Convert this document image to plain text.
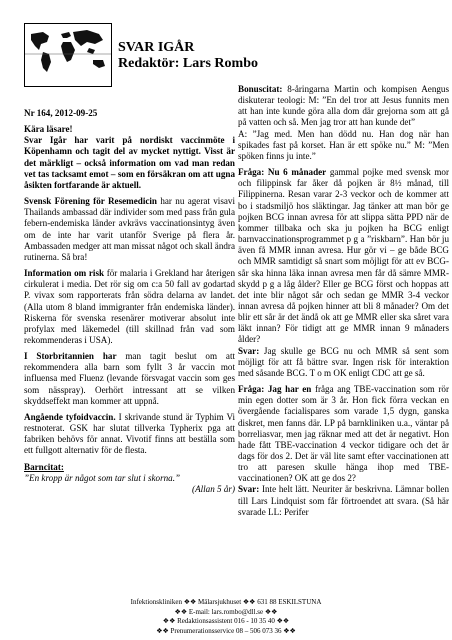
SVAR IGÅR

Redaktör: Lars Rombo

Nr 164, 2012-09-25

Kära läsare!

Svar Igår har varit på nordiskt vaccinmöte i Köpenhamn och tagit del av mycket nyttigt. Visst är det märkligt – också information om vad man redan vet tas tacksamt emot – som en försäkran om att ugna åsikten fortfarande är aktuell.

Svensk Förening för Resemedicin har nu agerat visavi Thailands ambassad där individer som med pass från gula febern-endemiska länder avkrävs vaccinationsintyg även om de inte har varit utanför Sverige på flera år. Ambassaden medger att man missat något och skall ändra rutinerna. Så bra!

Information om risk för malaria i Grekland har återigen cirkulerat i media. Det rör sig om c:a 50 fall av godartad P. vivax som rapporterats från södra delarna av landet. (Alla utom 8 bland immigranter från endemiska länder). Riskerna för svenska resenärer motiverar absolut inte profylax med läkemedel (till skillnad från vad som rekommenderas i USA).

I Storbritannien har man tagit beslut om att rekommendera alla barn som fyllt 3 år vaccin mot influensa med Fluenz (levande försvagat vaccin som ges som nässpray). Oerhört intressant att se vilken skyddseffekt man kommer att uppnå.

Angående tyfoidvaccin. I skrivande stund är Typhim Vi restnoterat. GSK har slutat tillverka Typherix pga att fabriken behövs för annat. Vivotif finns att beställa som ett fullgott alternativ för de flesta.

Barncitat:

”En kropp är något som tar slut i skorna.”

(Allan 5 år)

Bonuscitat: 8-åringarna Martin och kompisen Aengus diskuterar teologi: M: ”En del tror att Jesus funnits men att han inte kunde göra alla dom där grejorna som att gå på vatten och så. Men jag tror att han kunde det”

A: ”Jag med. Men han dödd nu. Han dog när han spikades fast på korset. Han är ett spöke nu.” M: ”Men spöken finns ju inte.”

Fråga: Nu 6 månader gammal pojke med svensk mor och filippinsk far åker då pojken är 8½ månad, till Filippinerna. Resan varar 2-3 veckor och de kommer att bo i stadsmiljö hos släktingar. Jag tänker att man bör ge pojken BCG innan avresa för att slippa sätta PPD när de kommer tillbaka och ska ju pojken ha BCG enligt barnvaccinationsprogrammet p g a ”riskbarn”. Han bör ju även få MMR innan avresa. Hur gör vi – ge både BCG och MMR samtidigt så snart som möjligt för att ev BCG-sår ska hinna läka innan avresa men får då sämre MMR-skydd p g a låg ålder? Eller ge BCG först och hoppas att det inte blir något sår och sedan ge MMR 3-4 veckor innan avresa då pojken hinner att bli 8 månader? Om det blir ett sår är det ändå ok att ge MMR eller ska såret vara läkt innan? För tidigt att ge MMR innan 9 månaders ålder?

Svar: Jag skulle ge BCG nu och MMR så sent som möjligt för att få bättre svar. Ingen risk för interaktion med såsande BCG. T o m OK enligt CDC att ge så.

Fråga: Jag har en fråga ang TBE-vaccination som rör min egen dotter som är 3 år. Hon fick förra veckan en övergående facialispares som varade 1,5 dygn, ganska diskret, men fanns där. LP på barnkliniken u.a., väntar på borreliasvar, men jag räknar med att det är negativt. Hon hade fått TBE-vaccination 4 veckor tidigare och det är dags för dos 2. Det är väl lite samt efter vaccinationen att tro att paresen skulle hänga ihop med TBE-vaccinationen? OK att ge dos 2?

Svar: Inte helt lätt. Neuriter är beskrivna. Lämnar bollen till Lars Lindquist som får förtroendet att svara. (Så här svarade LL: Perifer

Infektionskliniken ❖❖ Mälarsjukhuset ❖❖ 631 88 ESKILSTUNA
❖❖ E-mail: lars.rombo@dll.se ❖❖
❖❖ Redaktionsassistent 016 - 10 35 40 ❖❖
❖❖ Prenumerationsservice 08 – 506 073 36 ❖❖
